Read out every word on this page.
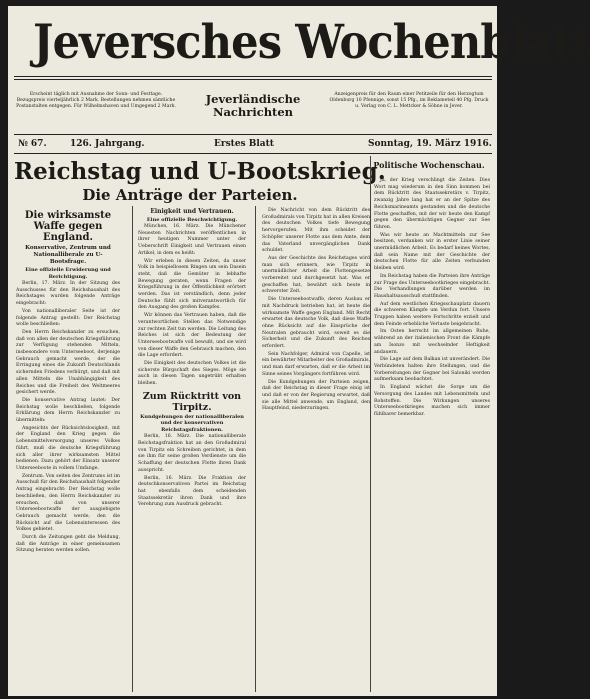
Jeversches Wochenblatt
Erscheint täglich mit Ausnahme der Sonn- und Festtage. Bezugspreis vierteljährlich 2 Mark. Bestellungen nehmen sämtliche Postanstalten entgegen. Für Wilhelmshaven und Umgegend 2 Mark.
Jeverländische
Nachrichten
Anzeigenpreis für den Raum einer Petitzeile für den Herzogtum Oldenburg 10 Pfennige, sonst 15 Pfg., im Reklameteil 40 Pfg. Druck u. Verlag von C. L. Mettcker & Söhne in Jever.
№ 67.	126. Jahrgang.	Erstes Blatt	Sonntag, 19. März 1916.
Reichstag und U-Bootskrieg.
Die Anträge der Parteien.
Politische Wochenschau.
Die wirksamste Waffe gegen England.
Konservative, Zentrum und Nationalliberale zu U-Bootsfrage.
Eine offizielle Erwiderung und Berichtigung.

Berlin, 17. März. In der Sitzung des Ausschusses für den Reichshaushalt des Reichstages wurden folgende Anträge eingebracht:

Von nationalliberaler Seite ist der folgende Antrag gestellt: Der Reichstag wolle beschließen:

Den Herrn Reichskanzler zu ersuchen, daß von allen der deutschen Kriegsführung zur Verfügung stehenden Mitteln, insbesondere vom Unterseeboot, derjenige Gebrauch gemacht werde, der die Erringung eines die Zukunft Deutschlands sichernden Friedens verbürgt, und daß mit allen Mitteln die Unabhängigkeit des Reiches und die Freiheit des Weltmeeres gesichert werde.

Die konservative Antrag lautet: Der Reichstag wolle beschließen, folgende Erklärung dem Herrn Reichskanzler zu übermitteln:

Angesichts der Rücksichtslosigkeit, mit der England den Krieg gegen die Lebensmittelversorgung unseres Volkes führt, muß die deutsche Kriegsführung sich aller ihrer wirksamsten Mittel bedienen. Dazu gehört der Einsatz unserer Unterseeboote in vollem Umfange.

Zentrum. Von seiten des Zentrums ist im Ausschuß für den Reichshaushalt folgender Antrag eingebracht: Der Reichstag wolle beschließen, den Herrn Reichskanzler zu ersuchen, daß von unserer Unterseebootwaffe der ausgiebigste Gebrauch gemacht werde, den die Rücksicht auf die Lebensinteressen des Volkes gebietet.

Durch die Zeitungen geht die Meldung, daß die Anträge in einer gemeinsamen Sitzung beraten werden sollen.

Einigkeit und Vertrauen.
Eine offizielle Beschwichtigung.

München, 16. März. Die Münchener Neuesten Nachrichten veröffentlichen in ihrer heutigen Nummer unter der Ueberschrift Einigkeit und Vertrauen einen Artikel, in dem es heißt:

Wir erleben in diesen Zeiten, da unser Volk in beispiellosem Ringen um sein Dasein steht, daß die Gemüter in lebhafte Bewegung geraten, wenn Fragen der Kriegsführung in der Öffentlichkeit erörtert werden. Das ist verständlich, denn jeder Deutsche fühlt sich mitverantwortlich für den Ausgang des großen Kampfes.

Wir können das Vertrauen haben, daß die verantwortlichen Stellen das Notwendige zur rechten Zeit tun werden. Die Leitung des Reiches ist sich der Bedeutung der Unterseebootwaffe voll bewußt, und sie wird von dieser Waffe den Gebrauch machen, den die Lage erfordert.

Die Einigkeit des deutschen Volkes ist die sicherste Bürgschaft des Sieges. Möge sie auch in diesen Tagen ungetrübt erhalten bleiben.

Zum Rücktritt von Tirpitz.
Kundgebungen der nationalliberalen und der konservativen Reichstagsfraktionen.

Berlin, 16. März. Die nationalliberale Reichstagsfraktion hat an den Großadmiral von Tirpitz ein Schreiben gerichtet, in dem sie ihm für seine großen Verdienste um die Schaffung der deutschen Flotte ihren Dank ausspricht.

Berlin, 16. März. Die Fraktion der deutschkonservativen Partei im Reichstag hat ebenfalls dem scheidenden Staatssekretär ihren Dank und ihre Verehrung zum Ausdruck gebracht.

Die Nachricht von dem Rücktritt des Großadmirals von Tirpitz hat in allen Kreisen des deutschen Volkes tiefe Bewegung hervorgerufen. Mit ihm scheidet der Schöpfer unserer Flotte aus dem Amte, dem das Vaterland unvergänglichen Dank schuldet.

Aus der Geschichte des Reichstages wird man sich erinnern, wie Tirpitz in unermüdlicher Arbeit die Flottengesetze vorbereitet und durchgesetzt hat. Was er geschaffen hat, bewährt sich heute in schwerster Zeit.

Die Unterseebootwaffe, deren Ausbau er mit Nachdruck betrieben hat, ist heute die wirksamste Waffe gegen England. Mit Recht erwartet das deutsche Volk, daß diese Waffe ohne Rücksicht auf die Einsprüche der Neutralen gebraucht wird, soweit es die Sicherheit und die Zukunft des Reiches erfordert.

Sein Nachfolger, Admiral von Capelle, ist ein bewährter Mitarbeiter des Großadmirals, und man darf erwarten, daß er die Arbeit im Sinne seines Vorgängers fortführen wird.

Die Kundgebungen der Parteien zeigen, daß der Reichstag in dieser Frage einig ist und daß er von der Regierung erwartet, daß sie alle Mittel anwende, um England, den Hauptfeind, niederzuringen.

Ja, der Krieg verschlingt die Zeiten. Dies Wort mag wiederum in den Sinn kommen bei dem Rücktritt des Staatssekretärs v. Tirpitz, zwanzig Jahre lang hat er an der Spitze des Reichsmarineamts gestanden und die deutsche Flotte geschaffen, mit der wir heute den Kampf gegen den übermächtigen Gegner zur See führen.

Was wir heute an Machtmitteln zur See besitzen, verdanken wir in erster Linie seiner unermüdlichen Arbeit. Es bedarf keines Wortes, daß sein Name mit der Geschichte der deutschen Flotte für alle Zeiten verbunden bleiben wird.

Im Reichstag haben die Parteien ihre Anträge zur Frage des Unterseebootkrieges eingebracht. Die Verhandlungen darüber werden im Haushaltsausschuß stattfinden.

Auf dem westlichen Kriegsschauplatz dauern die schweren Kämpfe um Verdun fort. Unsere Truppen haben weitere Fortschritte erzielt und dem Feinde erhebliche Verluste beigebracht.

Im Osten herrscht im allgemeinen Ruhe, während an der italienischen Front die Kämpfe am Isonzo mit wechselnder Heftigkeit andauern.

Die Lage auf dem Balkan ist unverändert. Die Verbündeten halten ihre Stellungen, und die Vorbereitungen der Gegner bei Saloniki werden aufmerksam beobachtet.

In England wächst die Sorge um die Versorgung des Landes mit Lebensmitteln und Rohstoffen. Die Wirkungen unseres Unterseebootkrieges machen sich immer fühlbarer bemerkbar.
